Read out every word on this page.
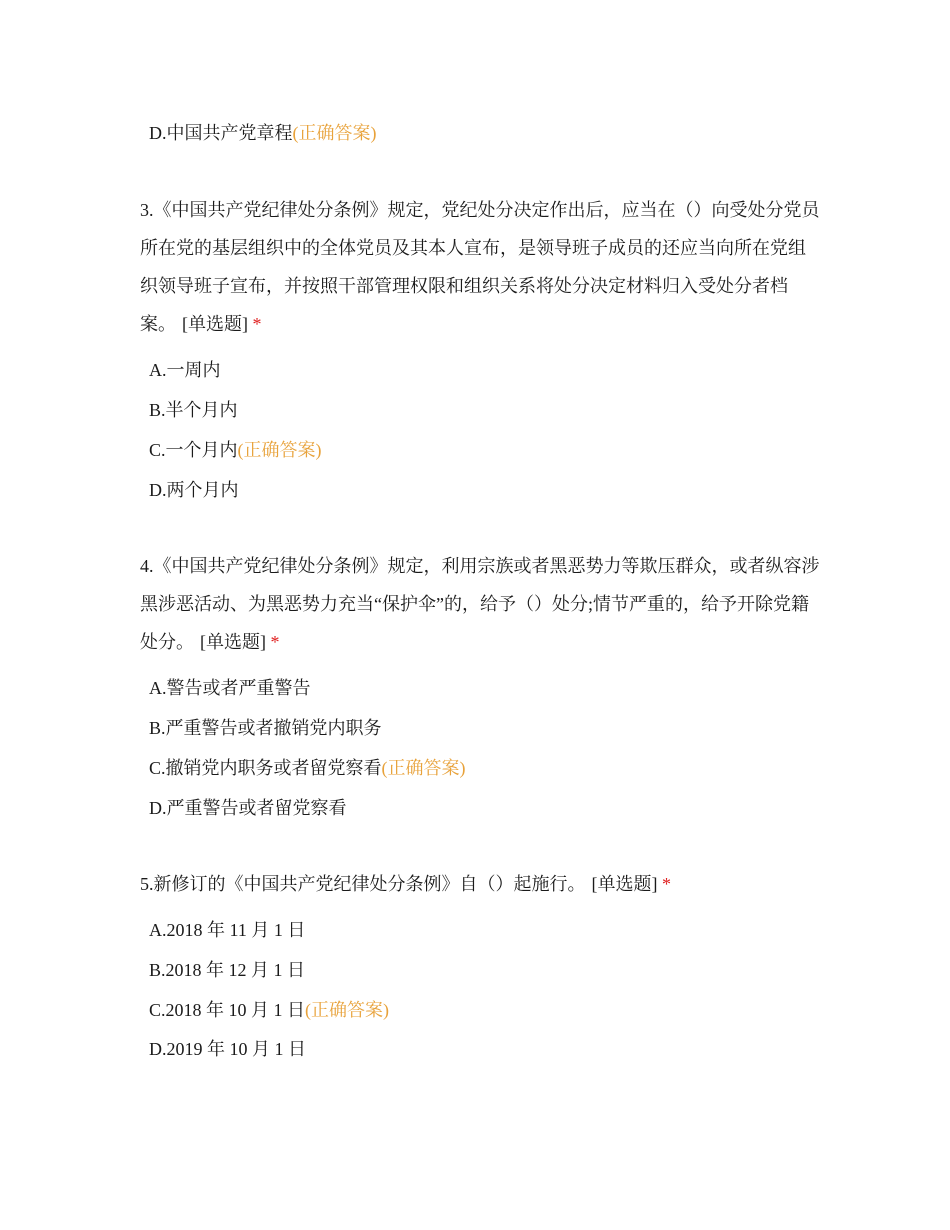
D.中国共产党章程(正确答案)
3.《中国共产党纪律处分条例》规定，党纪处分决定作出后，应当在（）向受处分党员所在党的基层组织中的全体党员及其本人宣布，是领导班子成员的还应当向所在党组织领导班子宣布，并按照干部管理权限和组织关系将处分决定材料归入受处分者档案。 [单选题] *
A.一周内
B.半个月内
C.一个月内(正确答案)
D.两个月内
4.《中国共产党纪律处分条例》规定，利用宗族或者黑恶势力等欺压群众，或者纵容涉黑涉恶活动、为黑恶势力充当“保护伞”的，给予（）处分;情节严重的，给予开除党籍处分。 [单选题] *
A.警告或者严重警告
B.严重警告或者撤销党内职务
C.撤销党内职务或者留党察看(正确答案)
D.严重警告或者留党察看
5.新修订的《中国共产党纪律处分条例》自（）起施行。 [单选题] *
A.2018 年 11 月 1 日
B.2018 年 12 月 1 日
C.2018 年 10 月 1 日(正确答案)
D.2019 年 10 月 1 日
